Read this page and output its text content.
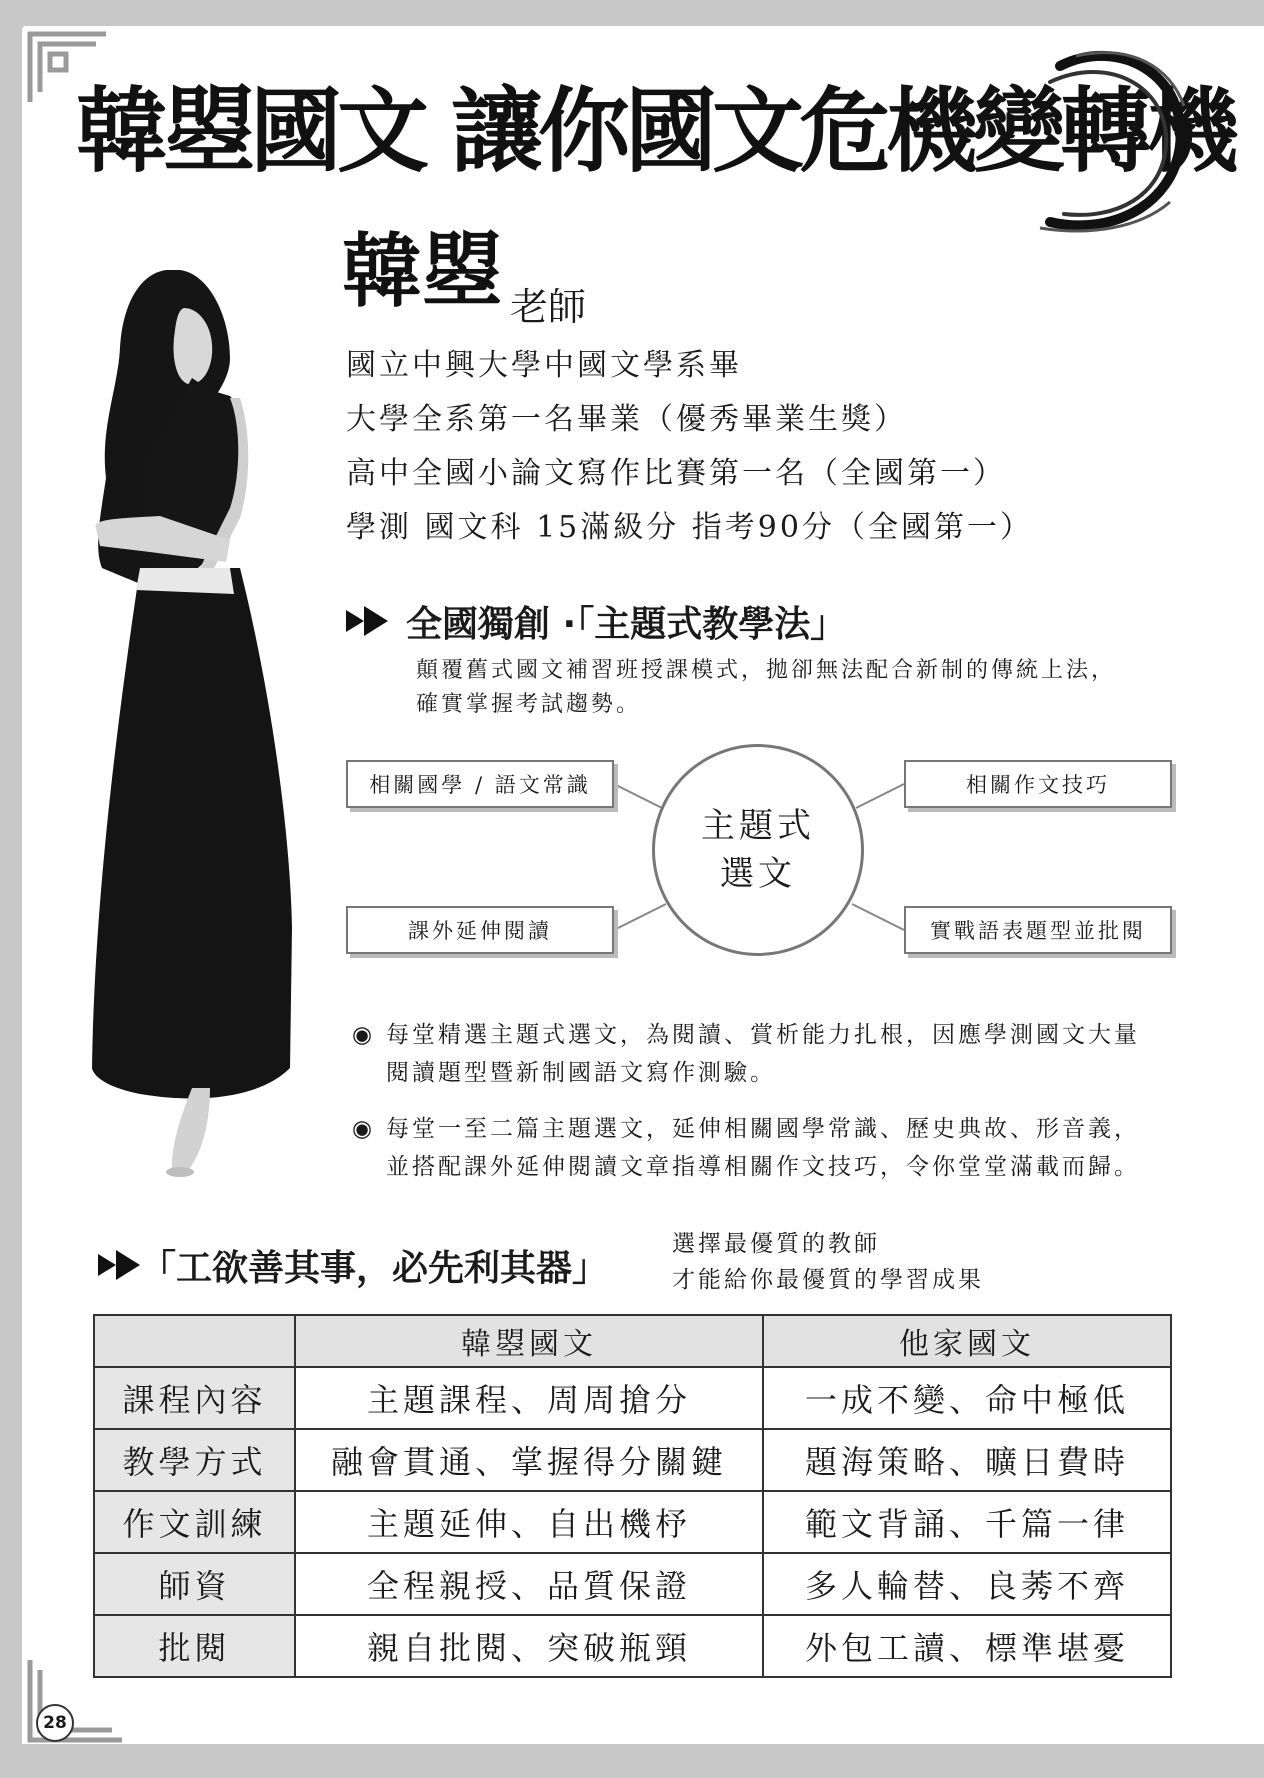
韓曌國文 讓你國文危機變轉機
韓曌 老師
國立中興大學中國文學系畢
大學全系第一名畢業（優秀畢業生獎）
高中全國小論文寫作比賽第一名（全國第一）
學測 國文科 15滿級分 指考90分（全國第一）
全國獨創 ·「主題式教學法」
顛覆舊式國文補習班授課模式，拋卻無法配合新制的傳統上法，
確實掌握考試趨勢。
相關國學 / 語文常識	相關作文技巧
課外延伸閱讀	實戰語表題型並批閱
主題式
選文
◉ 每堂精選主題式選文，為閱讀、賞析能力扎根，因應學測國文大量
閱讀題型暨新制國語文寫作測驗。
◉ 每堂一至二篇主題選文，延伸相關國學常識、歷史典故、形音義，
並搭配課外延伸閱讀文章指導相關作文技巧，令你堂堂滿載而歸。
「工欲善其事，必先利其器」
選擇最優質的教師
才能給你最優質的學習成果
	韓曌國文	他家國文
課程內容	主題課程、周周搶分	一成不變、命中極低
教學方式	融會貫通、掌握得分關鍵	題海策略、曠日費時
作文訓練	主題延伸、自出機杼	範文背誦、千篇一律
師資	全程親授、品質保證	多人輪替、良莠不齊
批閱	親自批閱、突破瓶頸	外包工讀、標準堪憂
28
